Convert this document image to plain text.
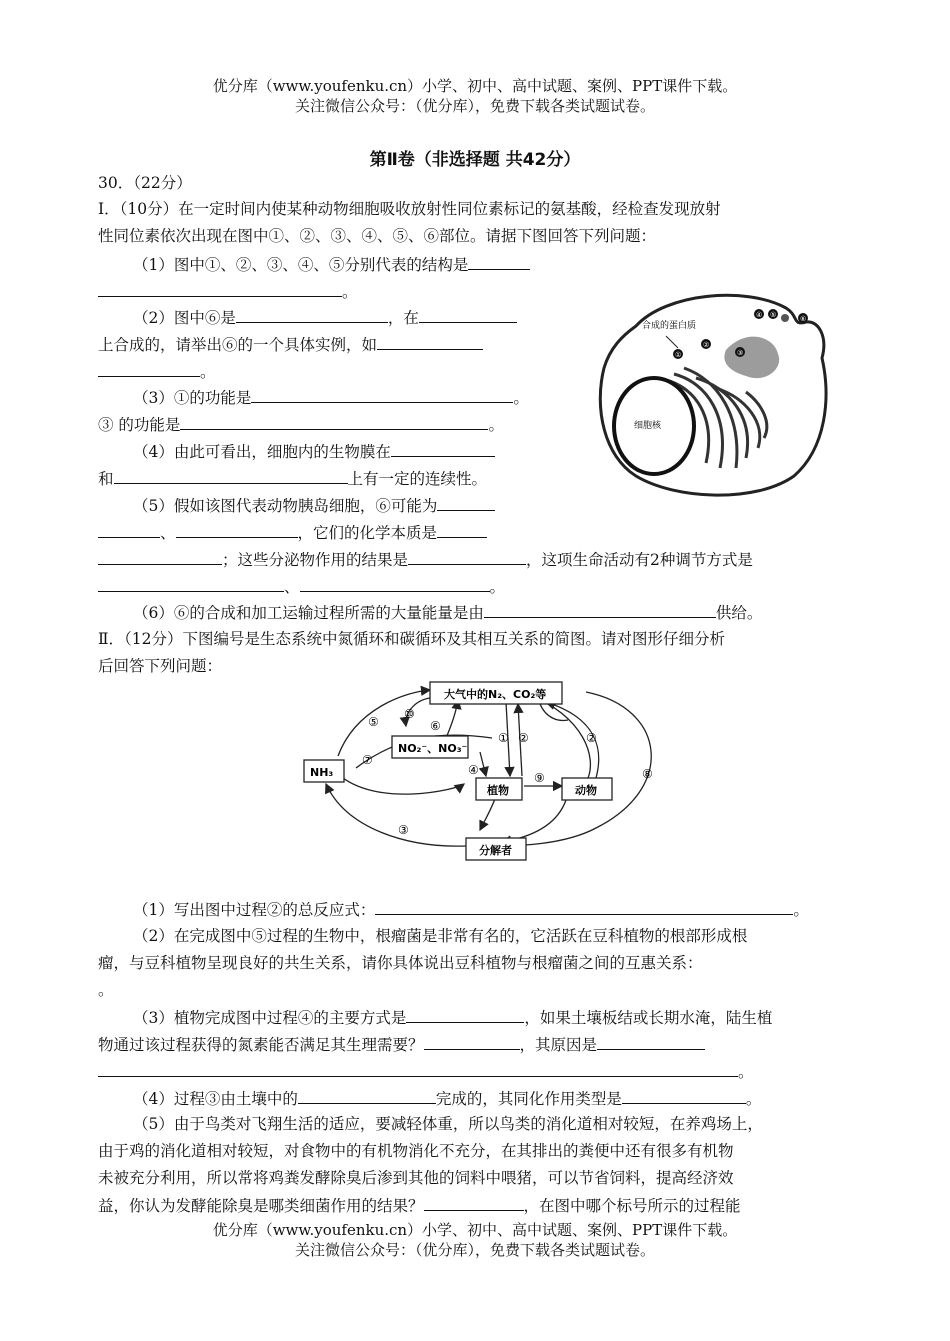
优分库（www.youfenku.cn）小学、初中、高中试题、案例、PPT课件下载。
关注微信公众号：（优分库），免费下载各类试题试卷。
第Ⅱ卷（非选择题 共42分）
30．（22分）
Ⅰ．（10分）在一定时间内使某种动物细胞吸收放射性同位素标记的氨基酸，经检查发现放射
性同位素依次出现在图中①、②、③、④、⑤、⑥部位。请据下图回答下列问题：
（1）图中①、②、③、④、⑤分别代表的结构是
。
（2）图中⑥是	，在
上合成的，请举出⑥的一个具体实例，如
。
（3）①的功能是	。
③ 的功能是	。
（4）由此可看出，细胞内的生物膜在
和	上有一定的连续性。
（5）假如该图代表动物胰岛细胞，⑥可能为
、	，它们的化学本质是
；这些分泌物作用的结果是	，这项生命活动有2种调节方式是
、	。
（6）⑥的合成和加工运输过程所需的大量能量是由	供给。
Ⅱ．（12分）下图编号是生态系统中氮循环和碳循环及其相互关系的简图。请对图形仔细分析
后回答下列问题：
细胞核
合成的蛋白质
①
②
③
④ ⑤	⑥
大气中的N₂、CO₂等
NO₂⁻、NO₃⁻
NH₃
植物	动物
分解者
① ②	②
③
④
⑤	⑥
⑦
⑧
⑨
⑩
（1）写出图中过程②的总反应式：	。
（2）在完成图中⑤过程的生物中，根瘤菌是非常有名的，它活跃在豆科植物的根部形成根
瘤，与豆科植物呈现良好的共生关系，请你具体说出豆科植物与根瘤菌之间的互惠关系：
。
（3）植物完成图中过程④的主要方式是	，如果土壤板结或长期水淹，陆生植
物通过该过程获得的氮素能否满足其生理需要？	，其原因是
。
（4）过程③由土壤中的	完成的，其同化作用类型是	。
（5）由于鸟类对飞翔生活的适应，要减轻体重，所以鸟类的消化道相对较短，在养鸡场上，
由于鸡的消化道相对较短，对食物中的有机物消化不充分，在其排出的粪便中还有很多有机物
未被充分利用，所以常将鸡粪发酵除臭后渗到其他的饲料中喂猪，可以节省饲料，提高经济效
益，你认为发酵能除臭是哪类细菌作用的结果？	，在图中哪个标号所示的过程能
优分库（www.youfenku.cn）小学、初中、高中试题、案例、PPT课件下载。
关注微信公众号：（优分库），免费下载各类试题试卷。
